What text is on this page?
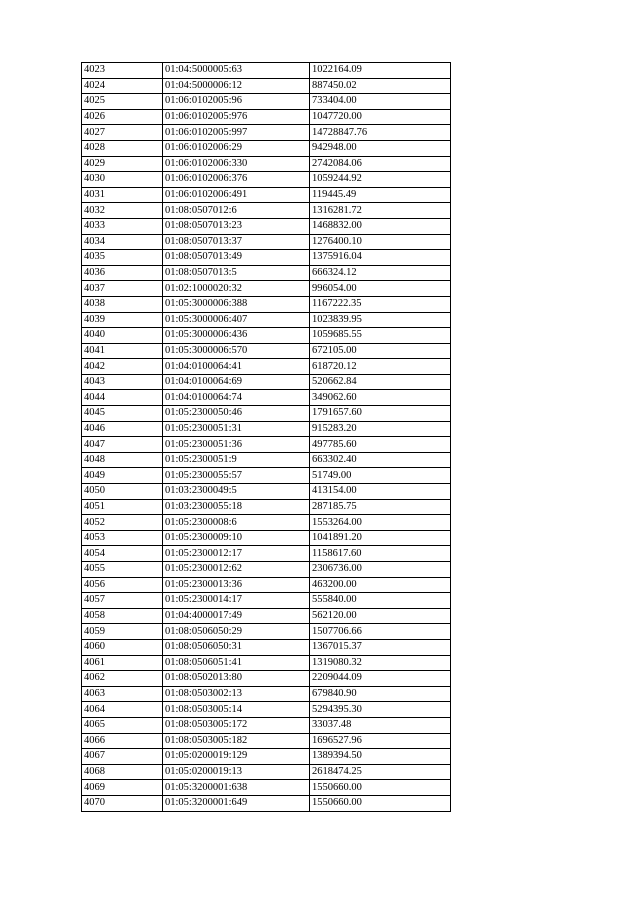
4023	01:04:5000005:63	1022164.09
4024	01:04:5000006:12	887450.02
4025	01:06:0102005:96	733404.00
4026	01:06:0102005:976	1047720.00
4027	01:06:0102005:997	14728847.76
4028	01:06:0102006:29	942948.00
4029	01:06:0102006:330	2742084.06
4030	01:06:0102006:376	1059244.92
4031	01:06:0102006:491	119445.49
4032	01:08:0507012:6	1316281.72
4033	01:08:0507013:23	1468832.00
4034	01:08:0507013:37	1276400.10
4035	01:08:0507013:49	1375916.04
4036	01:08:0507013:5	666324.12
4037	01:02:1000020:32	996054.00
4038	01:05:3000006:388	1167222.35
4039	01:05:3000006:407	1023839.95
4040	01:05:3000006:436	1059685.55
4041	01:05:3000006:570	672105.00
4042	01:04:0100064:41	618720.12
4043	01:04:0100064:69	520662.84
4044	01:04:0100064:74	349062.60
4045	01:05:2300050:46	1791657.60
4046	01:05:2300051:31	915283.20
4047	01:05:2300051:36	497785.60
4048	01:05:2300051:9	663302.40
4049	01:05:2300055:57	51749.00
4050	01:03:2300049:5	413154.00
4051	01:03:2300055:18	287185.75
4052	01:05:2300008:6	1553264.00
4053	01:05:2300009:10	1041891.20
4054	01:05:2300012:17	1158617.60
4055	01:05:2300012:62	2306736.00
4056	01:05:2300013:36	463200.00
4057	01:05:2300014:17	555840.00
4058	01:04:4000017:49	562120.00
4059	01:08:0506050:29	1507706.66
4060	01:08:0506050:31	1367015.37
4061	01:08:0506051:41	1319080.32
4062	01:08:0502013:80	2209044.09
4063	01:08:0503002:13	679840.90
4064	01:08:0503005:14	5294395.30
4065	01:08:0503005:172	33037.48
4066	01:08:0503005:182	1696527.96
4067	01:05:0200019:129	1389394.50
4068	01:05:0200019:13	2618474.25
4069	01:05:3200001:638	1550660.00
4070	01:05:3200001:649	1550660.00
